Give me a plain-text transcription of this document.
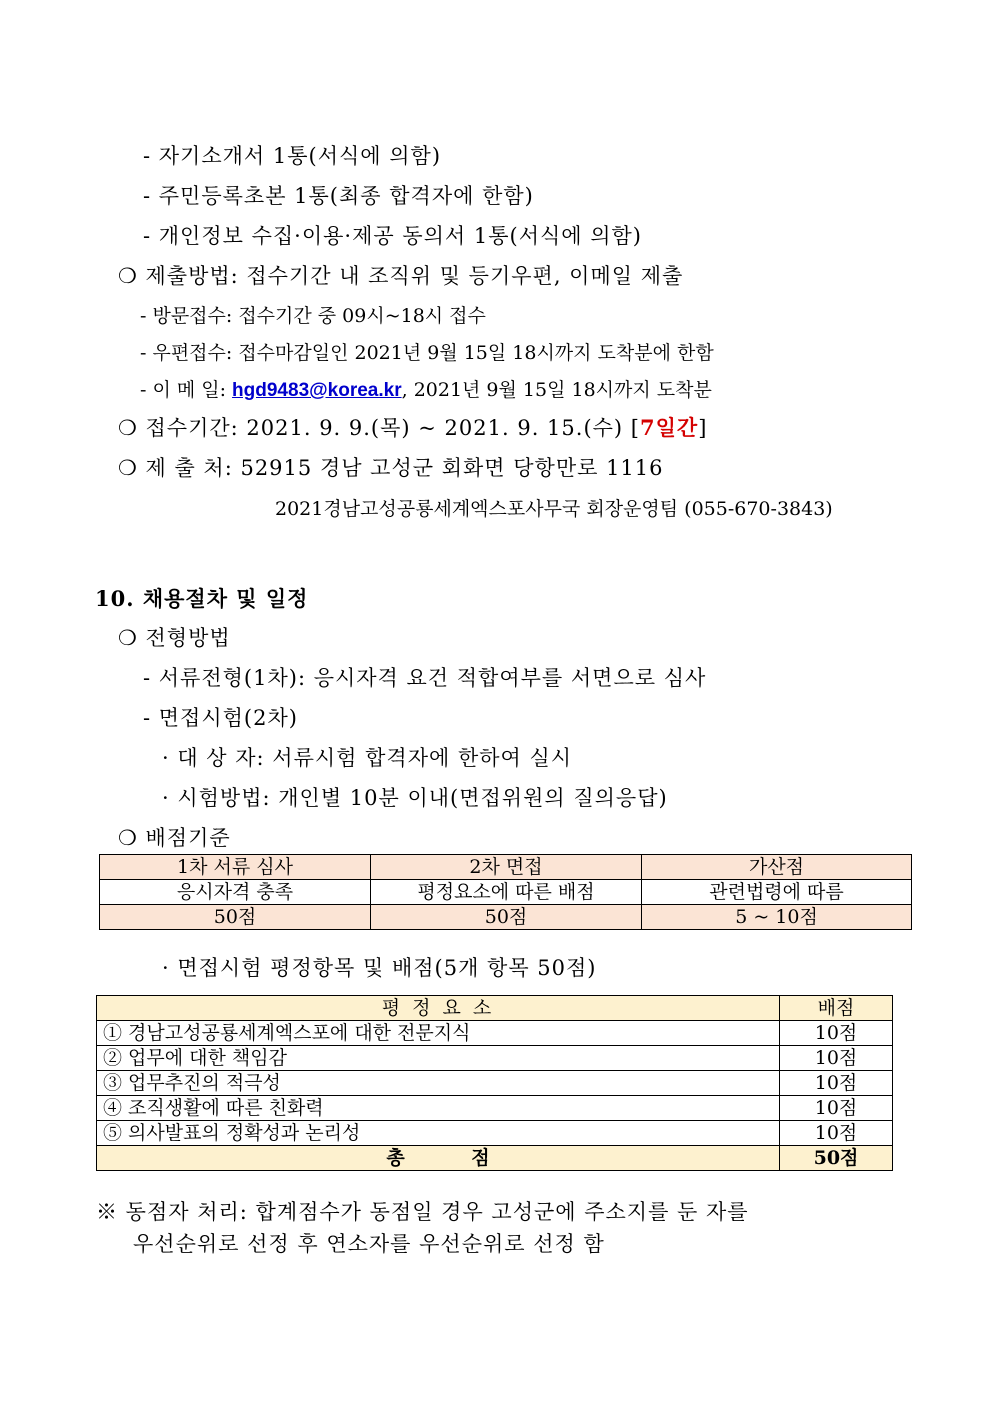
- 자기소개서 1통(서식에 의함)
- 주민등록초본 1통(최종 합격자에 한함)
- 개인정보 수집·이용·제공 동의서 1통(서식에 의함)
❍ 제출방법: 접수기간 내 조직위 및 등기우편, 이메일 제출
- 방문접수: 접수기간 중 09시~18시 접수
- 우편접수: 접수마감일인 2021년 9월 15일 18시까지 도착분에 한함
- 이 메 일: hgd9483@korea.kr, 2021년 9월 15일 18시까지 도착분
❍ 접수기간: 2021. 9. 9.(목) ~ 2021. 9. 15.(수) [7일간]
❍ 제 출 처: 52915 경남 고성군 회화면 당항만로 1116
2021경남고성공룡세계엑스포사무국 회장운영팀 (055-670-3843)
10. 채용절차 및 일정
❍ 전형방법
- 서류전형(1차): 응시자격 요건 적합여부를 서면으로 심사
- 면접시험(2차)
· 대 상 자: 서류시험 합격자에 한하여 실시
· 시험방법: 개인별 10분 이내(면접위원의 질의응답)
❍ 배점기준
1차 서류 심사	2차 면접	가산점
응시자격 충족	평정요소에 따른 배점	관련법령에 따름
50점	50점	5 ~ 10점
· 면접시험 평정항목 및 배점(5개 항목 50점)
평 정 요 소	배점
① 경남고성공룡세계엑스포에 대한 전문지식	10점
② 업무에 대한 책임감	10점
③ 업무추진의 적극성	10점
④ 조직생활에 따른 친화력	10점
⑤ 의사발표의 정확성과 논리성	10점
총 점	50점
※ 동점자 처리: 합계점수가 동점일 경우 고성군에 주소지를 둔 자를
우선순위로 선정 후 연소자를 우선순위로 선정 함
